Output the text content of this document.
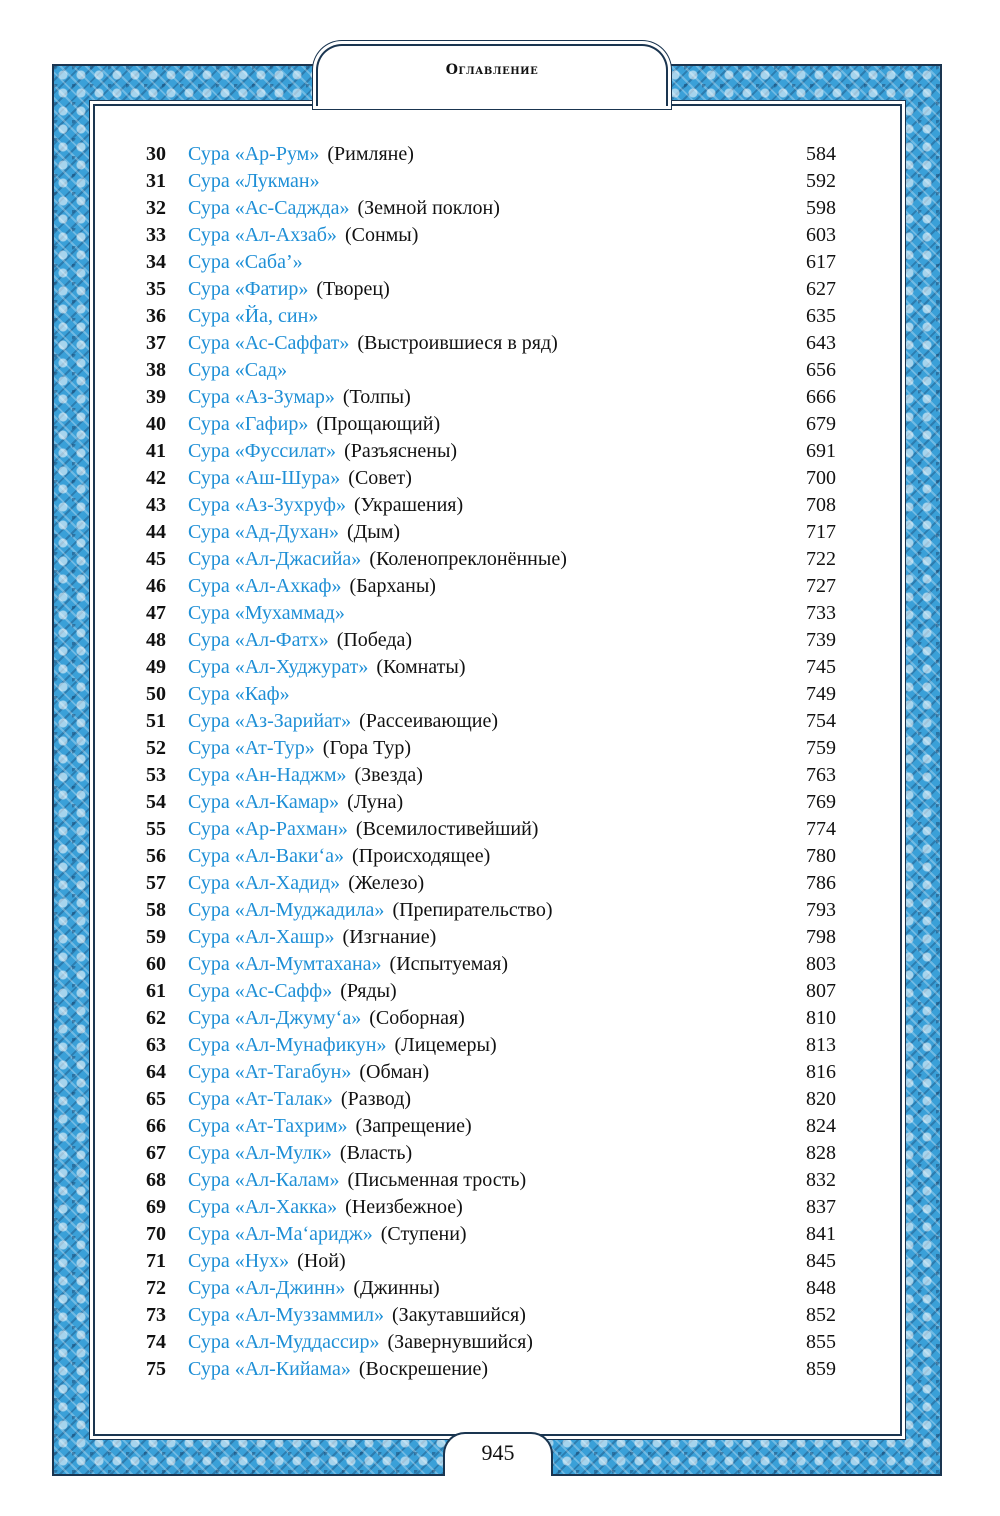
Оглавление
30 Сура «Ар-Рум» (Римляне)	584
31 Сура «Лукман»	592
32 Сура «Ас-Саджда» (Земной поклон)	598
33 Сура «Ал-Ахзаб» (Сонмы)	603
34 Сура «Саба’»	617
35 Сура «Фатир» (Творец)	627
36 Сура «Йа, син»	635
37 Сура «Ас-Саффат» (Выстроившиеся в ряд)	643
38 Сура «Сад»	656
39 Сура «Аз-Зумар» (Толпы)	666
40 Сура «Гафир» (Прощающий)	679
41 Сура «Фуссилат» (Разъяснены)	691
42 Сура «Аш-Шура» (Совет)	700
43 Сура «Аз-Зухруф» (Украшения)	708
44 Сура «Ад-Духан» (Дым)	717
45 Сура «Ал-Джасийа» (Коленопреклонённые)	722
46 Сура «Ал-Ахкаф» (Барханы)	727
47 Сура «Мухаммад»	733
48 Сура «Ал-Фатх» (Победа)	739
49 Сура «Ал-Худжурат» (Комнаты)	745
50 Сура «Каф»	749
51 Сура «Аз-Зарийат» (Рассеивающие)	754
52 Сура «Ат-Тур» (Гора Тур)	759
53 Сура «Ан-Наджм» (Звезда)	763
54 Сура «Ал-Камар» (Луна)	769
55 Сура «Ар-Рахман» (Всемилостивейший)	774
56 Сура «Ал-Ваки‘а» (Происходящее)	780
57 Сура «Ал-Хадид» (Железо)	786
58 Сура «Ал-Муджадила» (Препирательство)	793
59 Сура «Ал-Хашр» (Изгнание)	798
60 Сура «Ал-Мумтахана» (Испытуемая)	803
61 Сура «Ас-Сафф» (Ряды)	807
62 Сура «Ал-Джуму‘а» (Соборная)	810
63 Сура «Ал-Мунафикун» (Лицемеры)	813
64 Сура «Ат-Тагабун» (Обман)	816
65 Сура «Ат-Талак» (Развод)	820
66 Сура «Ат-Тахрим» (Запрещение)	824
67 Сура «Ал-Мулк» (Власть)	828
68 Сура «Ал-Калам» (Письменная трость)	832
69 Сура «Ал-Хакка» (Неизбежное)	837
70 Сура «Ал-Ма‘аридж» (Ступени)	841
71 Сура «Нух» (Ной)	845
72 Сура «Ал-Джинн» (Джинны)	848
73 Сура «Ал-Муззаммил» (Закутавшийся)	852
74 Сура «Ал-Муддассир» (Завернувшийся)	855
75 Сура «Ал-Кийама» (Воскрешение)	859
945
